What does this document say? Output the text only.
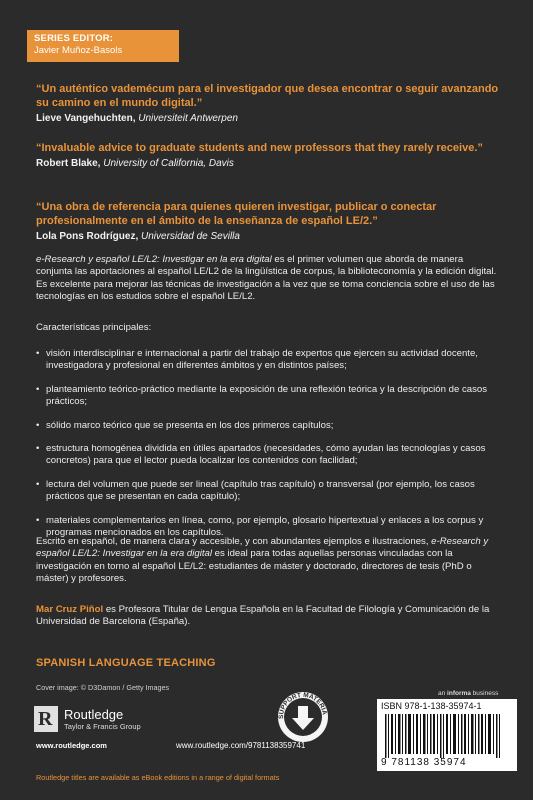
SERIES EDITOR:
Javier Muñoz-Basols
“Un auténtico vademécum para el investigador que desea encontrar o seguir avanzando su camino en el mundo digital.”
Lieve Vangehuchten, Universiteit Antwerpen
“Invaluable advice to graduate students and new professors that they rarely receive.”
Robert Blake, University of California, Davis
“Una obra de referencia para quienes quieren investigar, publicar o conectar profesionalmente en el ámbito de la enseñanza de español LE/2.”
Lola Pons Rodríguez, Universidad de Sevilla
e-Research y español LE/L2: Investigar en la era digital es el primer volumen que aborda de manera conjunta las aportaciones al español LE/L2 de la lingüística de corpus, la biblioteconomía y la edición digital. Es excelente para mejorar las técnicas de investigación a la vez que se toma conciencia sobre el uso de las tecnologías en los estudios sobre el español LE/L2.
Características principales:
• visión interdisciplinar e internacional a partir del trabajo de expertos que ejercen su actividad docente, investigadora y profesional en diferentes ámbitos y en distintos países;
• planteamiento teórico-práctico mediante la exposición de una reflexión teórica y la descripción de casos prácticos;
• sólido marco teórico que se presenta en los dos primeros capítulos;
• estructura homogénea dividida en útiles apartados (necesidades, cómo ayudan las tecnologías y casos concretos) para que el lector pueda localizar los contenidos con facilidad;
• lectura del volumen que puede ser lineal (capítulo tras capítulo) o transversal (por ejemplo, los casos prácticos que se presentan en cada capítulo);
• materiales complementarios en línea, como, por ejemplo, glosario hipertextual y enlaces a los corpus y programas mencionados en los capítulos.
Escrito en español, de manera clara y accesible, y con abundantes ejemplos e ilustraciones, e-Research y español LE/L2: Investigar en la era digital es ideal para todas aquellas personas vinculadas con la investigación en torno al español LE/L2: estudiantes de máster y doctorado, directores de tesis (PhD o máster) y profesores.
Mar Cruz Piñol es Profesora Titular de Lengua Española en la Facultad de Filología y Comunicación de la Universidad de Barcelona (España).
SPANISH LANGUAGE TEACHING
Cover image: © D3Damon / Getty Images
an informa business
R
Routledge
Taylor & Francis Group
www.routledge.com
SUPPORT MATERIA
www.routledge.com/9781138359741
ISBN 978-1-138-35974-1
9 781138 35974
Routledge titles are available as eBook editions in a range of digital formats
